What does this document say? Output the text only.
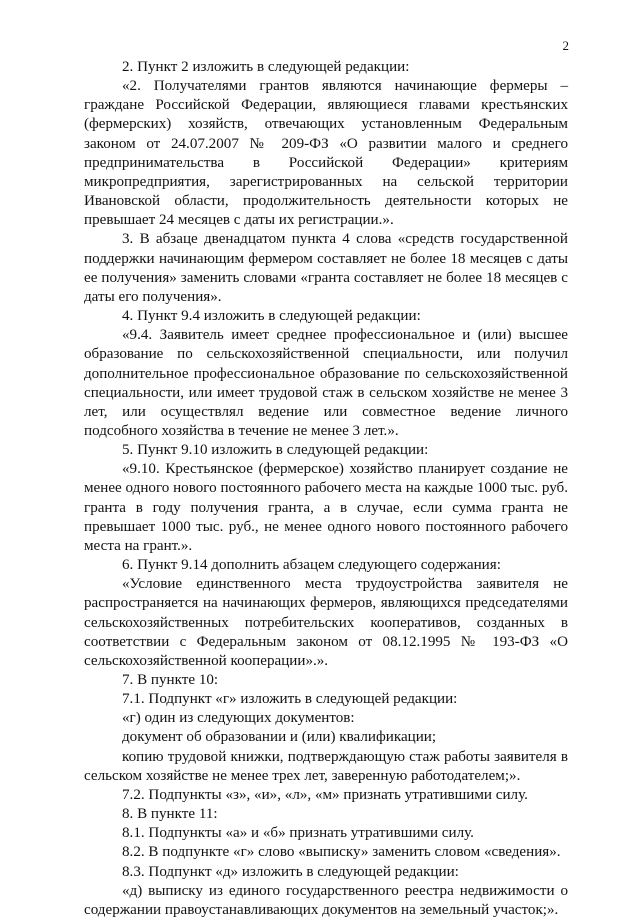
2

2. Пункт 2 изложить в следующей редакции:

«2. Получателями грантов являются начинающие фермеры – граждане Российской Федерации, являющиеся главами крестьянских (фермерских) хозяйств, отвечающих установленным Федеральным законом от 24.07.2007 № 209-ФЗ «О развитии малого и среднего предпринимательства в Российской Федерации» критериям микропредприятия, зарегистрированных на сельской территории Ивановской области, продолжительность деятельности которых не превышает 24 месяцев с даты их регистрации.».

3. В абзаце двенадцатом пункта 4 слова «средств государственной поддержки начинающим фермером составляет не более 18 месяцев с даты ее получения» заменить словами «гранта составляет не более 18 месяцев с даты его получения».

4. Пункт 9.4 изложить в следующей редакции:

«9.4. Заявитель имеет среднее профессиональное и (или) высшее образование по сельскохозяйственной специальности, или получил дополнительное профессиональное образование по сельскохозяйственной специальности, или имеет трудовой стаж в сельском хозяйстве не менее 3 лет, или осуществлял ведение или совместное ведение личного подсобного хозяйства в течение не менее 3 лет.».

5. Пункт 9.10 изложить в следующей редакции:

«9.10. Крестьянское (фермерское) хозяйство планирует создание не менее одного нового постоянного рабочего места на каждые 1000 тыс. руб. гранта в году получения гранта, а в случае, если сумма гранта не превышает 1000 тыс. руб., не менее одного нового постоянного рабочего места на грант.».

6. Пункт 9.14 дополнить абзацем следующего содержания:

«Условие единственного места трудоустройства заявителя не распространяется на начинающих фермеров, являющихся председателями сельскохозяйственных потребительских кооперативов, созданных в соответствии с Федеральным законом от 08.12.1995 № 193-ФЗ «О сельскохозяйственной кооперации».».

7. В пункте 10:

7.1. Подпункт «г» изложить в следующей редакции:

«г) один из следующих документов:

документ об образовании и (или) квалификации;

копию трудовой книжки, подтверждающую стаж работы заявителя в сельском хозяйстве не менее трех лет, заверенную работодателем;».

7.2. Подпункты «з», «и», «л», «м» признать утратившими силу.

8. В пункте 11:

8.1. Подпункты «а» и «б» признать утратившими силу.

8.2. В подпункте «г» слово «выписку» заменить словом «сведения».

8.3. Подпункт «д» изложить в следующей редакции:

«д) выписку из единого государственного реестра недвижимости о содержании правоустанавливающих документов на земельный участок;».
